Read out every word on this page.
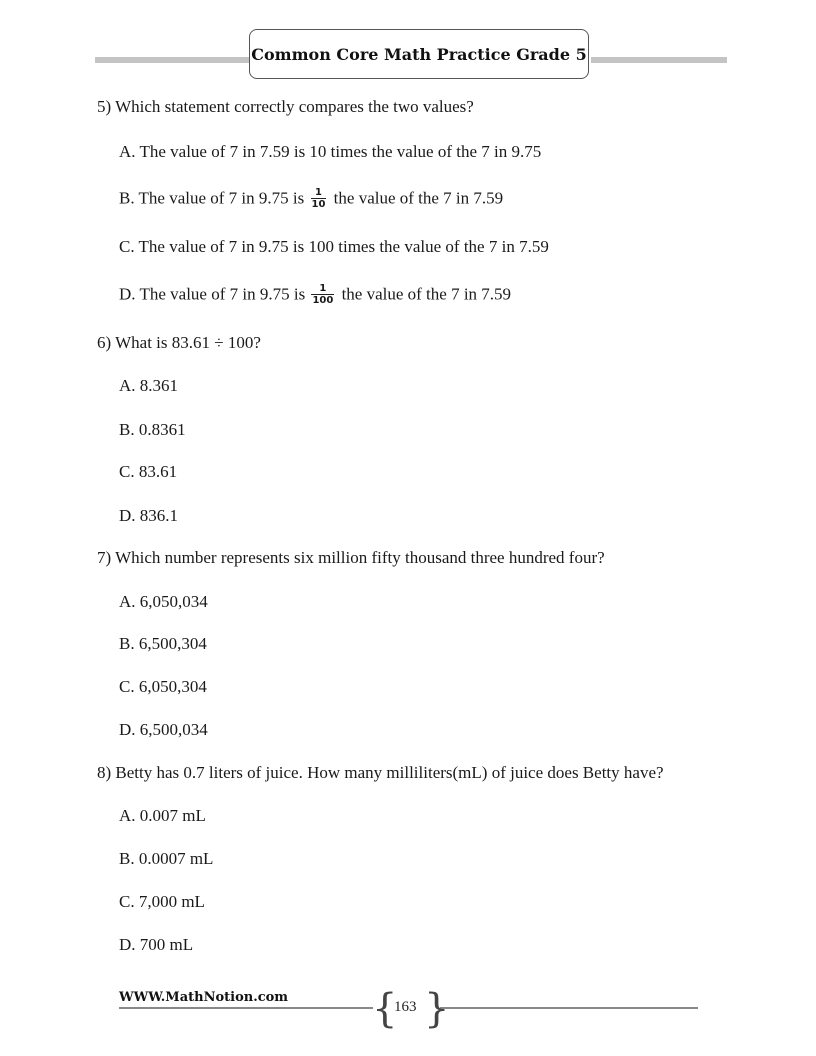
Common Core Math Practice Grade 5
5) Which statement correctly compares the two values?
A. The value of 7 in 7.59 is 10 times the value of the 7 in 9.75
B. The value of 7 in 9.75 is $\frac{1}{10}$ the value of the 7 in 7.59
C. The value of 7 in 9.75 is 100 times the value of the 7 in 7.59
D. The value of 7 in 9.75 is $\frac{1}{100}$ the value of the 7 in 7.59
6) What is 83.61 ÷ 100?
A. 8.361
B. 0.8361
C. 83.61
D. 836.1
7) Which number represents six million fifty thousand three hundred four?
A. 6,050,034
B. 6,500,304
C. 6,050,304
D. 6,500,034
8) Betty has 0.7 liters of juice. How many milliliters(mL) of juice does Betty have?
A. 0.007 mL
B. 0.0007 mL
C. 7,000 mL
D. 700 mL
WWW.MathNotion.com { }
163
